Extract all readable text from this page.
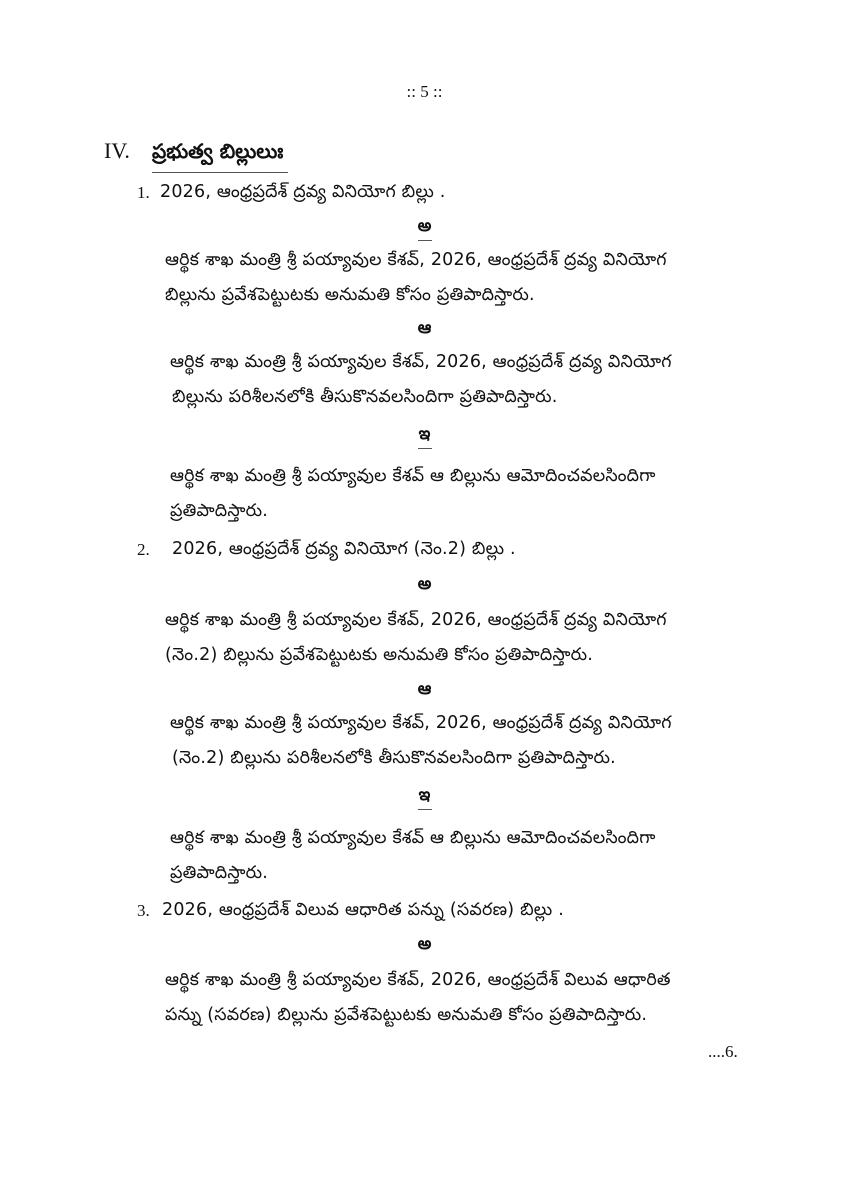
:: 5 ::
IV. ప్రభుత్వ బిల్లులుః
1. 2026, ఆంధ్రప్రదేశ్ ద్రవ్య వినియోగ బిల్లు .
అ
ఆర్థిక శాఖ మంత్రి శ్రీ పయ్యావుల కేశవ్, 2026, ఆంధ్రప్రదేశ్ ద్రవ్య వినియోగ
బిల్లును ప్రవేశపెట్టుటకు అనుమతి కోసం ప్రతిపాదిస్తారు.
ఆ
ఆర్థిక శాఖ మంత్రి శ్రీ పయ్యావుల కేశవ్, 2026, ఆంధ్రప్రదేశ్ ద్రవ్య వినియోగ
బిల్లును పరిశీలనలోకి తీసుకొనవలసిందిగా ప్రతిపాదిస్తారు.
ఇ
ఆర్థిక శాఖ మంత్రి శ్రీ పయ్యావుల కేశవ్ ఆ బిల్లును ఆమోదించవలసిందిగా
ప్రతిపాదిస్తారు.
2. 2026, ఆంధ్రప్రదేశ్ ద్రవ్య వినియోగ (నెం.2) బిల్లు .
అ
ఆర్థిక శాఖ మంత్రి శ్రీ పయ్యావుల కేశవ్, 2026, ఆంధ్రప్రదేశ్ ద్రవ్య వినియోగ
(నెం.2) బిల్లును ప్రవేశపెట్టుటకు అనుమతి కోసం ప్రతిపాదిస్తారు.
ఆ
ఆర్థిక శాఖ మంత్రి శ్రీ పయ్యావుల కేశవ్, 2026, ఆంధ్రప్రదేశ్ ద్రవ్య వినియోగ
(నెం.2) బిల్లును పరిశీలనలోకి తీసుకొనవలసిందిగా ప్రతిపాదిస్తారు.
ఇ
ఆర్థిక శాఖ మంత్రి శ్రీ పయ్యావుల కేశవ్ ఆ బిల్లును ఆమోదించవలసిందిగా
ప్రతిపాదిస్తారు.
3. 2026, ఆంధ్రప్రదేశ్ విలువ ఆధారిత పన్ను (సవరణ) బిల్లు .
అ
ఆర్థిక శాఖ మంత్రి శ్రీ పయ్యావుల కేశవ్, 2026, ఆంధ్రప్రదేశ్ విలువ ఆధారిత
పన్ను (సవరణ) బిల్లును ప్రవేశపెట్టుటకు అనుమతి కోసం ప్రతిపాదిస్తారు.
....6.
